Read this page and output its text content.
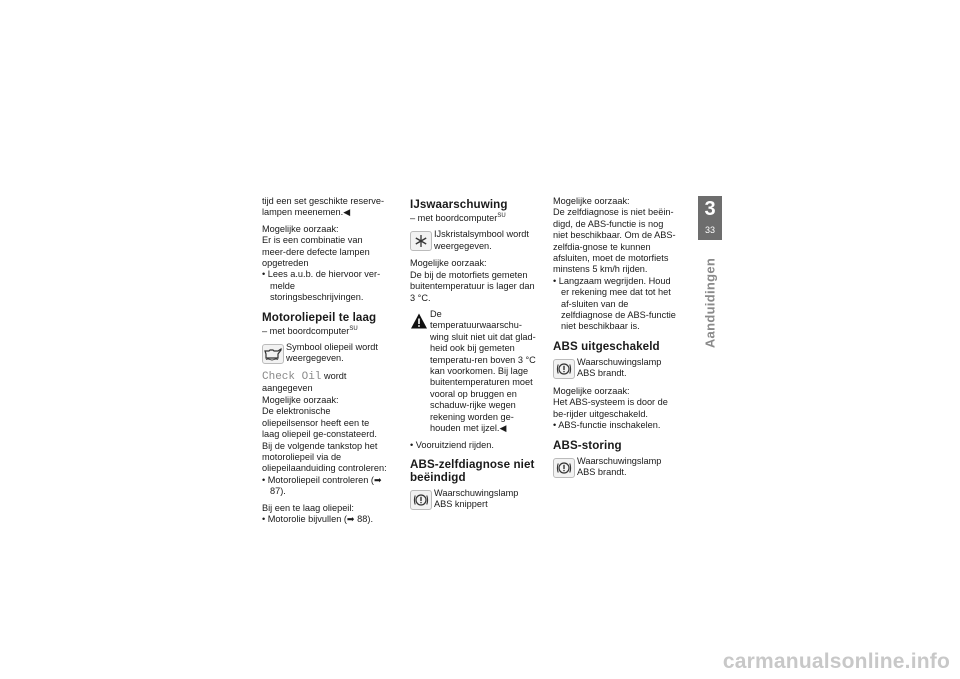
tijd een set geschikte reserve-lampen meenemen.◀

Mogelijke oorzaak:

Er is een combinatie van meer-dere defecte lampen opgetreden

• Lees a.u.b. de hiervoor ver-melde storingsbeschrijvingen.

Motoroliepeil te laag

– met boordcomputer$^{SU}$

Symbool oliepeil wordt weergegeven.

Check Oil wordt aangegeven

Mogelijke oorzaak:

De elektronische oliepeilsensor heeft een te laag oliepeil ge-constateerd. Bij de volgende tankstop het motoroliepeil via de oliepeilaanduiding controleren:

• Motoroliepeil controleren (➡ 87).

Bij een te laag oliepeil:

• Motorolie bijvullen (➡ 88).

IJswaarschuwing

– met boordcomputer$^{SU}$

IJskristalsymbool wordt weergegeven.

Mogelijke oorzaak:

De bij de motorfiets gemeten buitentemperatuur is lager dan 3 °C.

De temperatuurwaarschu-wing sluit niet uit dat glad-heid ook bij gemeten temperatu-ren boven 3 °C kan voorkomen. Bij lage buitentemperaturen moet vooral op bruggen en schaduw-rijke wegen rekening worden ge-houden met ijzel.◀

• Vooruitziend rijden.

ABS-zelfdiagnose niet beëindigd
Waarschuwingslamp ABS knippert

Mogelijke oorzaak:

De zelfdiagnose is niet beëin-digd, de ABS-functie is nog niet beschikbaar. Om de ABS-zelfdia-gnose te kunnen afsluiten, moet de motorfiets minstens 5 km/h rijden.

• Langzaam wegrijden. Houd er rekening mee dat tot het af-sluiten van de zelfdiagnose de ABS-functie niet beschikbaar is.

ABS uitgeschakeld
Waarschuwingslamp ABS brandt.

Mogelijke oorzaak:

Het ABS-systeem is door de be-rijder uitgeschakeld.

• ABS-functie inschakelen.

ABS-storing
Waarschuwingslamp ABS brandt.
3
33
Aanduidingen
carmanualsonline.info
